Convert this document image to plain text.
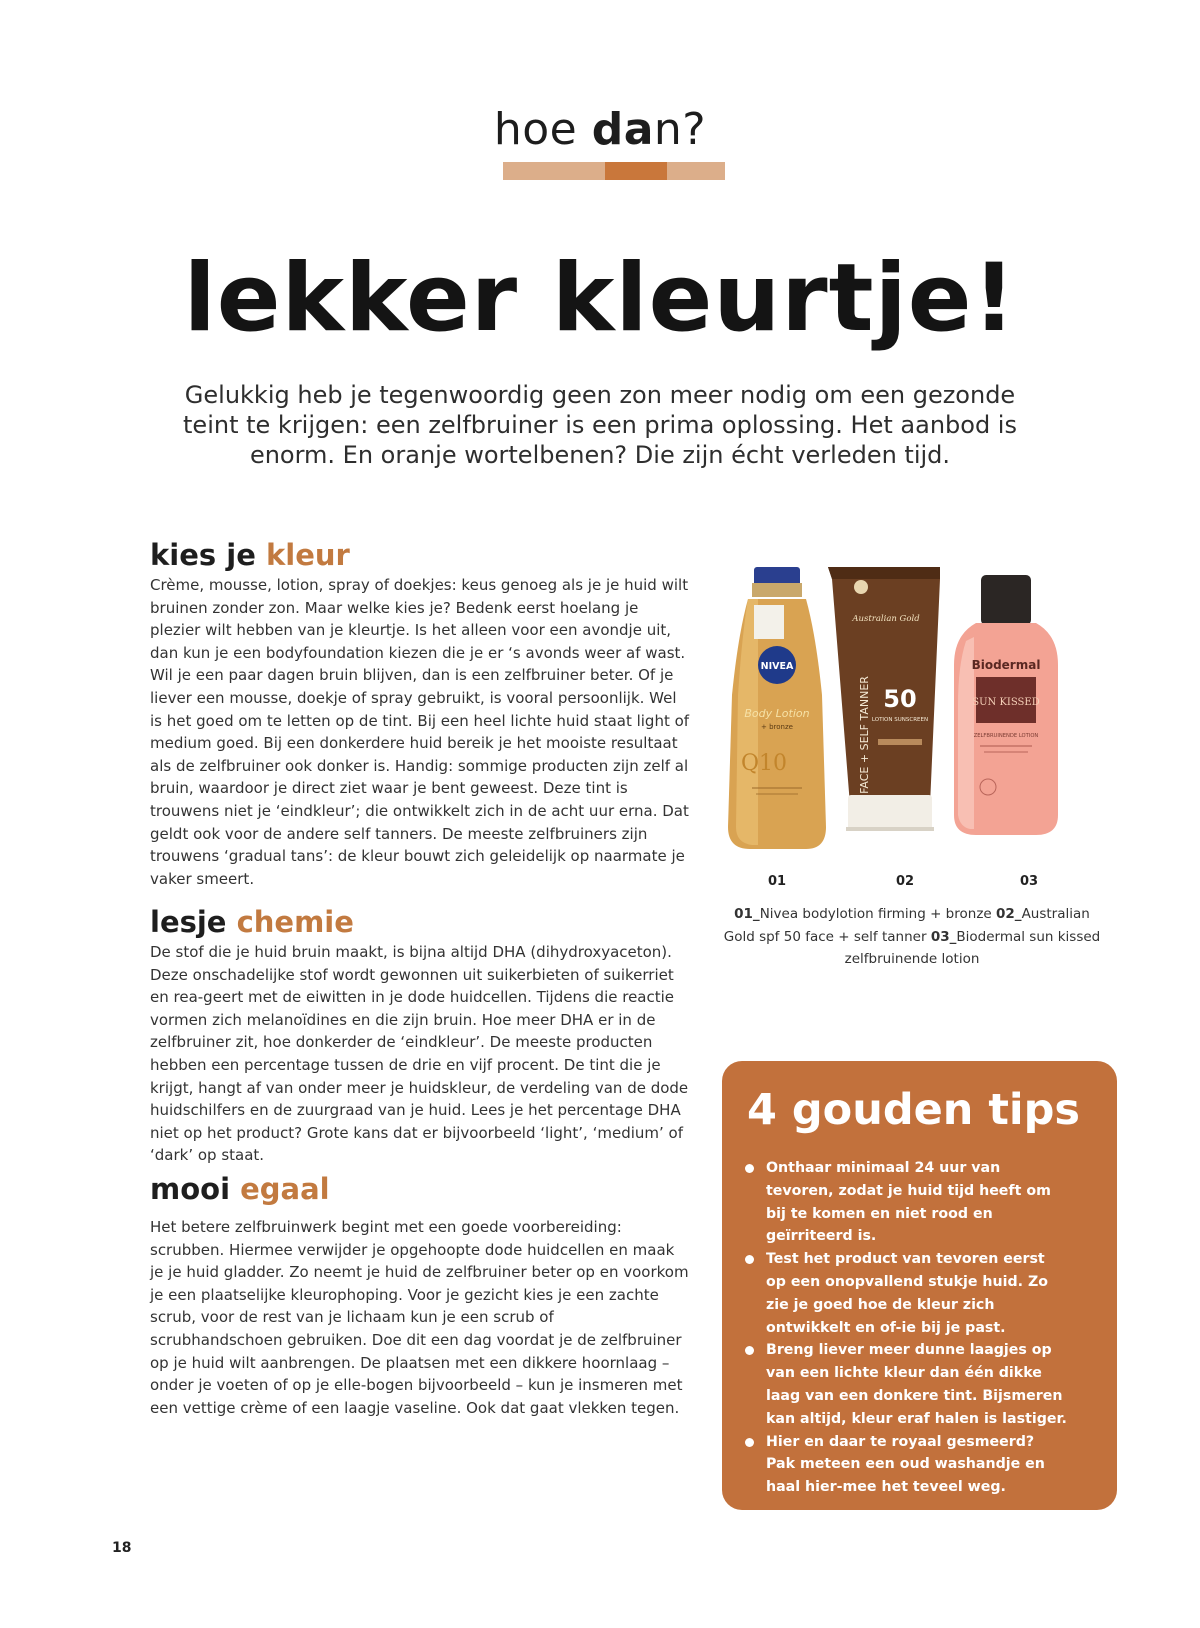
hoe dan?
lekker kleurtje!
Gelukkig heb je tegenwoordig geen zon meer nodig om een gezonde teint te krijgen: een zelfbruiner is een prima oplossing. Het aanbod is enorm. En oranje wortelbenen? Die zijn écht verleden tijd.
kies je kleur

Crème, mousse, lotion, spray of doekjes: keus genoeg als je je huid wilt bruinen zonder zon. Maar welke kies je? Bedenk eerst hoelang je plezier wilt hebben van je kleurtje. Is het alleen voor een avondje uit, dan kun je een bodyfoundation kiezen die je er ‘s avonds weer af wast. Wil je een paar dagen bruin blijven, dan is een zelfbruiner beter. Of je liever een mousse, doekje of spray gebruikt, is vooral persoonlijk. Wel is het goed om te letten op de tint. Bij een heel lichte huid staat light of medium goed. Bij een donkerdere huid bereik je het mooiste resultaat als de zelfbruiner ook donker is. Handig: sommige producten zijn zelf al bruin, waardoor je direct ziet waar je bent geweest. Deze tint is trouwens niet je ‘eindkleur’; die ontwikkelt zich in de acht uur erna. Dat geldt ook voor de andere self tanners. De meeste zelfbruiners zijn trouwens ‘gradual tans’: de kleur bouwt zich geleidelijk op naarmate je vaker smeert.

lesje chemie

De stof die je huid bruin maakt, is bijna altijd DHA (dihydroxyaceton). Deze onschadelijke stof wordt gewonnen uit suikerbieten of suikerriet en rea-geert met de eiwitten in je dode huidcellen. Tijdens die reactie vormen zich melanoïdines en die zijn bruin. Hoe meer DHA er in de zelfbruiner zit, hoe donkerder de ‘eindkleur’. De meeste producten hebben een percentage tussen de drie en vijf procent. De tint die je krijgt, hangt af van onder meer je huidskleur, de verdeling van de dode huidschilfers en de zuurgraad van je huid. Lees je het percentage DHA niet op het product? Grote kans dat er bijvoorbeeld ‘light’, ‘medium’ of ‘dark’ op staat.

mooi egaal

Het betere zelfbruinwerk begint met een goede voorbereiding: scrubben. Hiermee verwijder je opgehoopte dode huidcellen en maak je je huid gladder. Zo neemt je huid de zelfbruiner beter op en voorkom je een plaatselijke kleurophoping. Voor je gezicht kies je een zachte scrub, voor de rest van je lichaam kun je een scrub of scrubhandschoen gebruiken. Doe dit een dag voordat je de zelfbruiner op je huid wilt aanbrengen. De plaatsen met een dikkere hoornlaag – onder je voeten of op je elle-bogen bijvoorbeeld – kun je insmeren met een vettige crème of een laagje vaseline. Ook dat gaat vlekken tegen.

NIVEA
Body Lotion
+ bronze
Q10
Australian Gold
FACE + SELF TANNER 50
LOTION SUNSCREEN
Biodermal
SUN KISSED
ZELFBRUINENDE LOTION
01	02	03
01_Nivea bodylotion firming + bronze 02_Australian Gold spf 50 face + self tanner 03_Biodermal sun kissed zelfbruinende lotion
4 gouden tips
Onthaar minimaal 24 uur van tevoren, zodat je huid tijd heeft om bij te komen en niet rood en geïrriteerd is.
Test het product van tevoren eerst op een onopvallend stukje huid. Zo zie je goed hoe de kleur zich ontwikkelt en of-ie bij je past.
Breng liever meer dunne laagjes op van een lichte kleur dan één dikke laag van een donkere tint. Bijsmeren kan altijd, kleur eraf halen is lastiger.
Hier en daar te royaal gesmeerd? Pak meteen een oud washandje en haal hier-mee het teveel weg.
18
